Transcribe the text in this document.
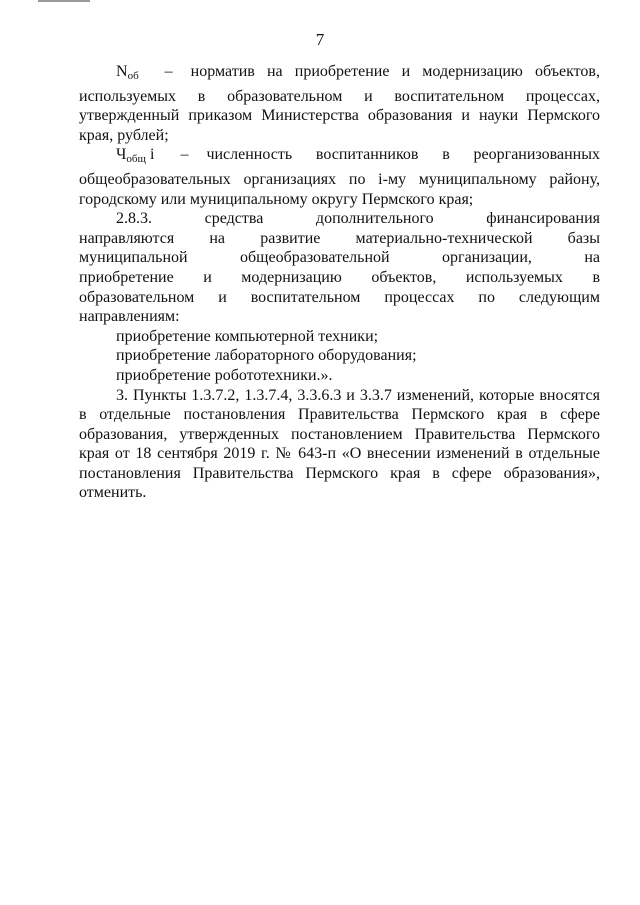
7
$N_{об}$ – норматив на приобретение и модернизацию объектов,

используемых в образовательном и воспитательном процессах, утвержденный приказом Министерства образования и науки Пермского края, рублей;

$Ч_{общ}$ i – численность воспитанников в реорганизованных

общеобразовательных организациях по i-му муниципальному району, городскому или муниципальному округу Пермского края;

2.8.3. средства дополнительного финансирования направляются на развитие материально-технической базы муниципальной общеобразовательной организации, на приобретение и модернизацию объектов, используемых в образовательном и воспитательном процессах по следующим направлениям:

приобретение компьютерной техники;

приобретение лабораторного оборудования;

приобретение робототехники.».

3. Пункты 1.3.7.2, 1.3.7.4, 3.3.6.3 и 3.3.7 изменений, которые вносятся в отдельные постановления Правительства Пермского края в сфере образования, утвержденных постановлением Правительства Пермского края от 18 сентября 2019 г. № 643-п «О внесении изменений в отдельные постановления Правительства Пермского края в сфере образования», отменить.
